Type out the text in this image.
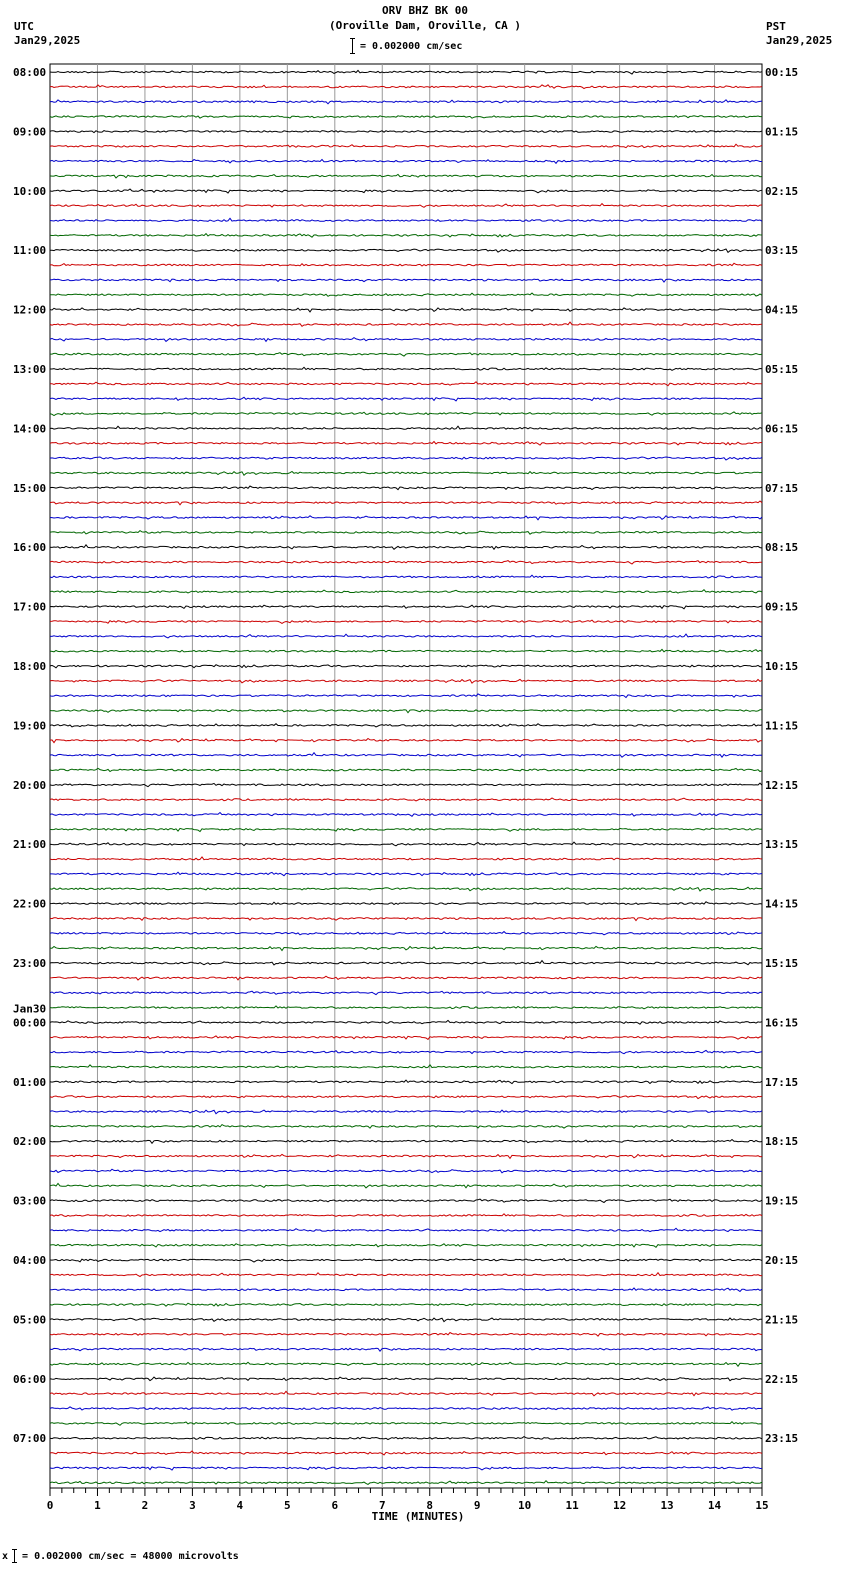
ORV BHZ BK 00
(Oroville Dam, Oroville, CA )
UTC
Jan29,2025
PST
Jan29,2025
= 0.002000 cm/sec
08:00
09:00
10:00
11:00
12:00
13:00
14:00
15:00
16:00
17:00
18:00
19:00
20:00
21:00
22:00
23:00
00:00
Jan30
01:00
02:00
03:00
04:00
05:00
06:00
07:00
00:15
01:15
02:15
03:15
04:15
05:15
06:15
07:15
08:15
09:15
10:15
11:15
12:15
13:15
14:15
15:15
16:15
17:15
18:15
19:15
20:15
21:15
22:15
23:15
0	1	2	3	4	5	6	7	8	9	10	11	12	13	14	15
TIME (MINUTES)
x = 0.002000 cm/sec = 48000 microvolts
